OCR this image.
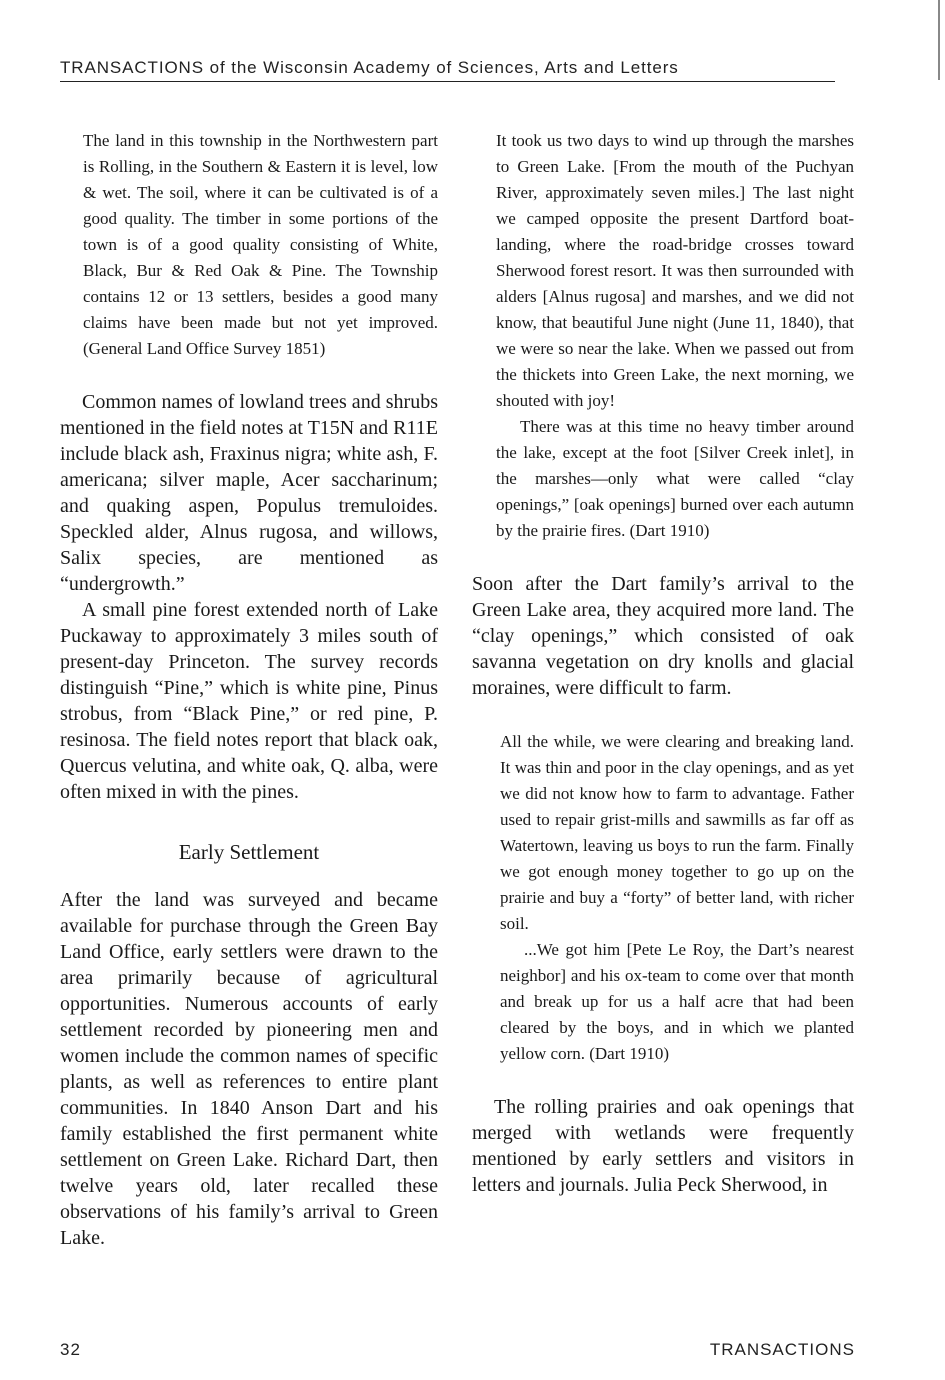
TRANSACTIONS of the Wisconsin Academy of Sciences, Arts and Letters

The land in this township in the Northwestern part is Rolling, in the Southern & Eastern it is level, low & wet. The soil, where it can be cultivated is of a good quality. The timber in some portions of the town is of a good quality consisting of White, Black, Bur & Red Oak & Pine. The Township contains 12 or 13 settlers, besides a good many claims have been made but not yet improved. (General Land Office Survey 1851)

Common names of lowland trees and shrubs mentioned in the field notes at T15N and R11E include black ash, Fraxinus nigra; white ash, F. americana; silver maple, Acer saccharinum; and quaking aspen, Populus tremuloides. Speckled alder, Alnus rugosa, and willows, Salix species, are mentioned as “undergrowth.”

A small pine forest extended north of Lake Puckaway to approximately 3 miles south of present-day Princeton. The survey records distinguish “Pine,” which is white pine, Pinus strobus, from “Black Pine,” or red pine, P. resinosa. The field notes report that black oak, Quercus velutina, and white oak, Q. alba, were often mixed in with the pines.

Early Settlement

After the land was surveyed and became available for purchase through the Green Bay Land Office, early settlers were drawn to the area primarily because of agricultural opportunities. Numerous accounts of early settlement recorded by pioneering men and women include the common names of specific plants, as well as references to entire plant communities. In 1840 Anson Dart and his family established the first permanent white settlement on Green Lake. Richard Dart, then twelve years old, later recalled these observations of his family’s arrival to Green Lake.

It took us two days to wind up through the marshes to Green Lake. [From the mouth of the Puchyan River, approximately seven miles.] The last night we camped opposite the present Dartford boat-landing, where the road-bridge crosses toward Sherwood forest resort. It was then surrounded with alders [Alnus rugosa] and marshes, and we did not know, that beautiful June night (June 11, 1840), that we were so near the lake. When we passed out from the thickets into Green Lake, the next morning, we shouted with joy!

There was at this time no heavy timber around the lake, except at the foot [Silver Creek inlet], in the marshes—only what were called “clay openings,” [oak openings] burned over each autumn by the prairie fires. (Dart 1910)

Soon after the Dart family’s arrival to the Green Lake area, they acquired more land. The “clay openings,” which consisted of oak savanna vegetation on dry knolls and glacial moraines, were difficult to farm.

All the while, we were clearing and breaking land. It was thin and poor in the clay openings, and as yet we did not know how to farm to advantage. Father used to repair grist-mills and sawmills as far off as Watertown, leaving us boys to run the farm. Finally we got enough money together to go up on the prairie and buy a “forty” of better land, with richer soil.

...We got him [Pete Le Roy, the Dart’s nearest neighbor] and his ox-team to come over that month and break up for us a half acre that had been cleared by the boys, and in which we planted yellow corn. (Dart 1910)

The rolling prairies and oak openings that merged with wetlands were frequently mentioned by early settlers and visitors in letters and journals. Julia Peck Sherwood, in

32	TRANSACTIONS
